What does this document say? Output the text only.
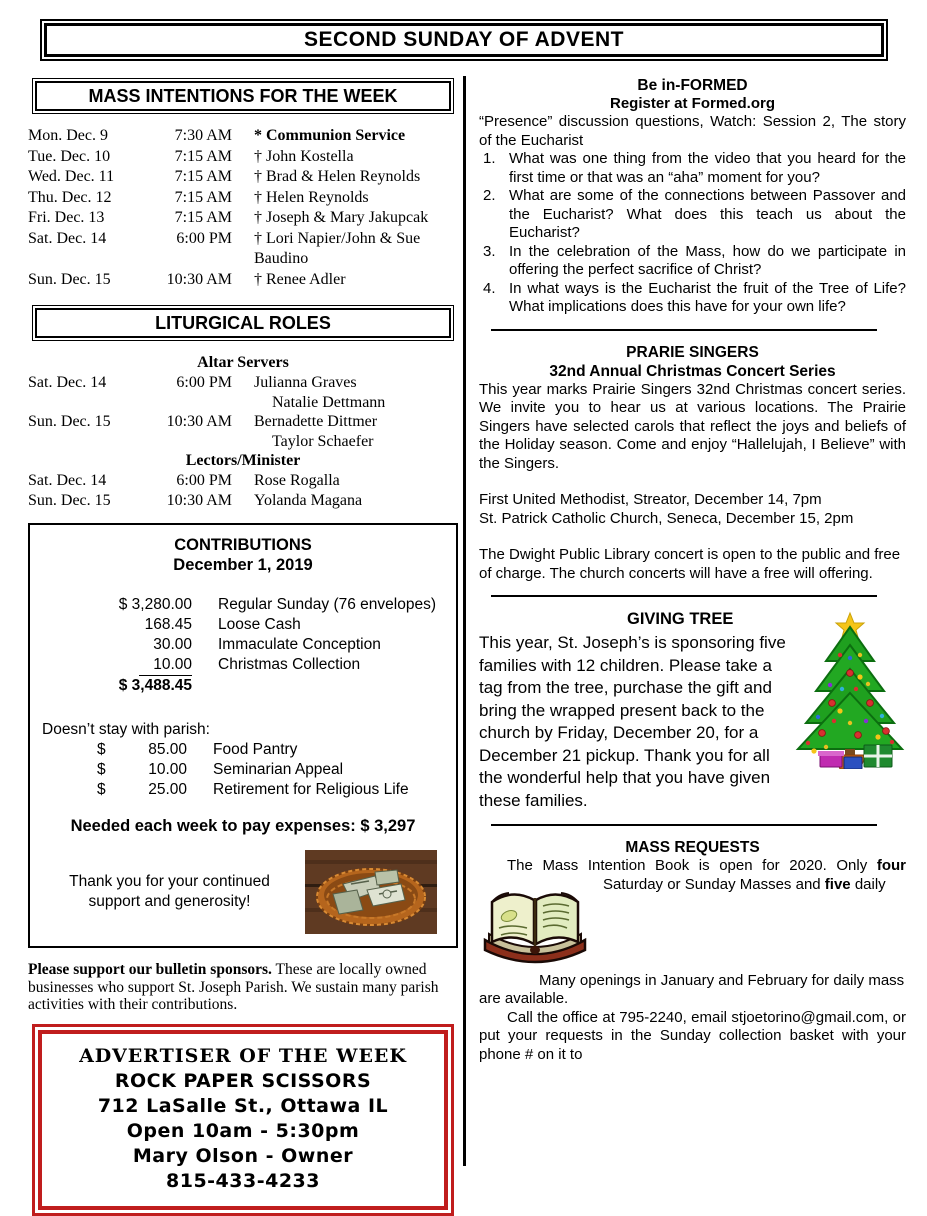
SECOND SUNDAY OF ADVENT
MASS INTENTIONS FOR THE WEEK
Mon. Dec. 9	7:30 AM	* Communion Service
Tue. Dec. 10	7:15 AM	† John Kostella
Wed. Dec. 11	7:15 AM	† Brad & Helen Reynolds
Thu. Dec. 12	7:15 AM	† Helen Reynolds
Fri. Dec. 13	7:15 AM	† Joseph & Mary Jakupcak
Sat. Dec. 14	6:00 PM	† Lori Napier/John & Sue
Baudino
Sun. Dec. 15	10:30 AM	† Renee Adler
LITURGICAL ROLES
Altar Servers
Sat. Dec. 14	6:00 PM	Julianna Graves
Natalie Dettmann
Sun. Dec. 15	10:30 AM	Bernadette Dittmer
Taylor Schaefer
Lectors/Minister
Sat. Dec. 14	6:00 PM	Rose Rogalla
Sun. Dec. 15	10:30 AM	Yolanda Magana
CONTRIBUTIONS
December 1, 2019
$ 3,280.00	Regular Sunday (76 envelopes)
168.45	Loose Cash
30.00	Immaculate Conception
10.00	Christmas Collection
$ 3,488.45
Doesn’t stay with parish:
$	85.00	Food Pantry
$	10.00	Seminarian Appeal
$	25.00	Retirement for Religious Life
Needed each week to pay expenses: $ 3,297
Thank you for your continued
support and generosity!
Please support our bulletin sponsors. These are locally owned businesses who support St. Joseph Parish. We sustain many parish activities with their contributions.
ADVERTISER OF THE WEEK
ROCK PAPER SCISSORS
712 LaSalle St., Ottawa IL
Open 10am - 5:30pm
Mary Olson - Owner
815-433-4233
Be in-FORMED
Register at Formed.org
“Presence” discussion questions, Watch: Session 2, The story of the Eucharist
1. What was one thing from the video that you heard for the first time or that was an “aha” moment for you?
2. What are some of the connections between Passover and the Eucharist? What does this teach us about the Eucharist?
3. In the celebration of the Mass, how do we participate in offering the perfect sacrifice of Christ?
4. In what ways is the Eucharist the fruit of the Tree of Life? What implications does this have for your own life?
PRARIE SINGERS
32nd Annual Christmas Concert Series
This year marks Prairie Singers 32nd Christmas concert series. We invite you to hear us at various locations. The Prairie Singers have selected carols that reflect the joys and beliefs of the Holiday season. Come and enjoy “Hallelujah, I Believe” with the Singers.
First United Methodist, Streator, December 14, 7pm
St. Patrick Catholic Church, Seneca, December 15, 2pm
The Dwight Public Library concert is open to the public and free of charge. The church concerts will have a free will offering.
GIVING TREE
This year, St. Joseph’s is sponsoring five families with 12 children. Please take a tag from the tree, purchase the gift and bring the wrapped present back to the church by Friday, December 20, for a December 21 pickup. Thank you for all the wonderful help that you have given these families.
MASS REQUESTS
The Mass Intention Book is open for 2020. Only four Saturday or Sunday Masses and five daily
Many openings in January and February for daily mass are available.
Call the office at 795-2240, email stjoetorino@gmail.com, or put your requests in the Sunday collection basket with your phone # on it to
